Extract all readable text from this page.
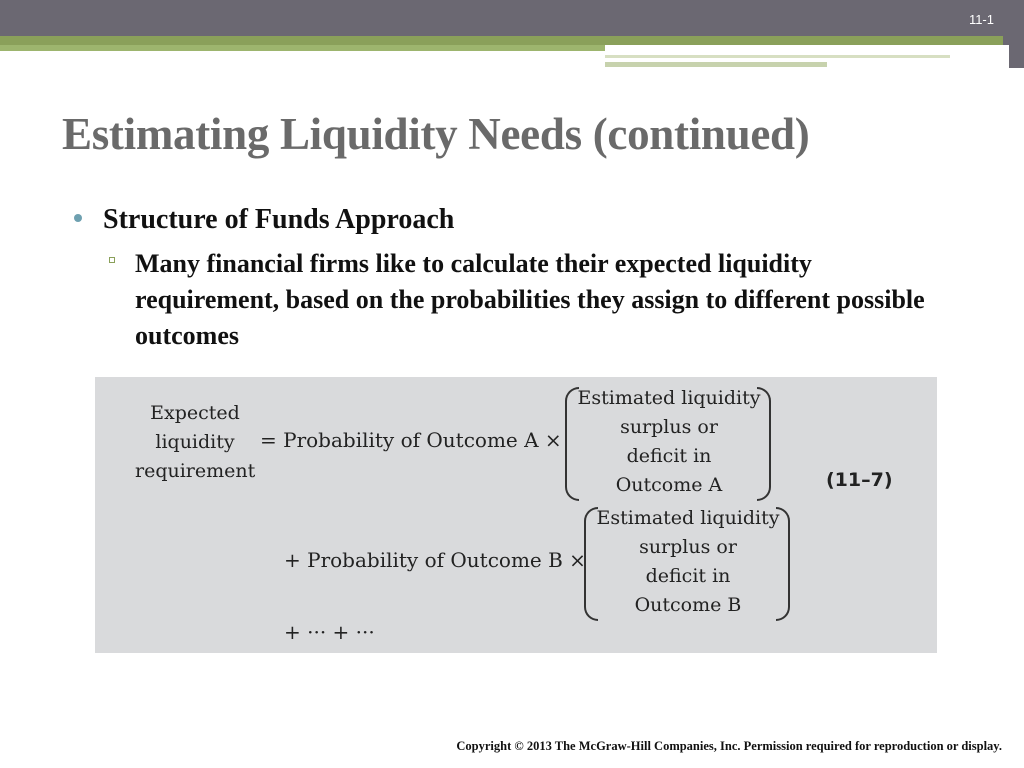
11-1
Estimating Liquidity Needs (continued)
Structure of Funds Approach
Many financial firms like to calculate their expected liquidity requirement, based on the probabilities they assign to different possible outcomes
Expected
liquidity
requirement
= Probability of Outcome A ×
Estimated liquidity
surplus or
deficit in
Outcome A	(11–7)
+ Probability of Outcome B ×
Estimated liquidity
surplus or
deficit in
Outcome B
+ ··· + ···
Copyright © 2013 The McGraw-Hill Companies, Inc. Permission required for reproduction or display.
